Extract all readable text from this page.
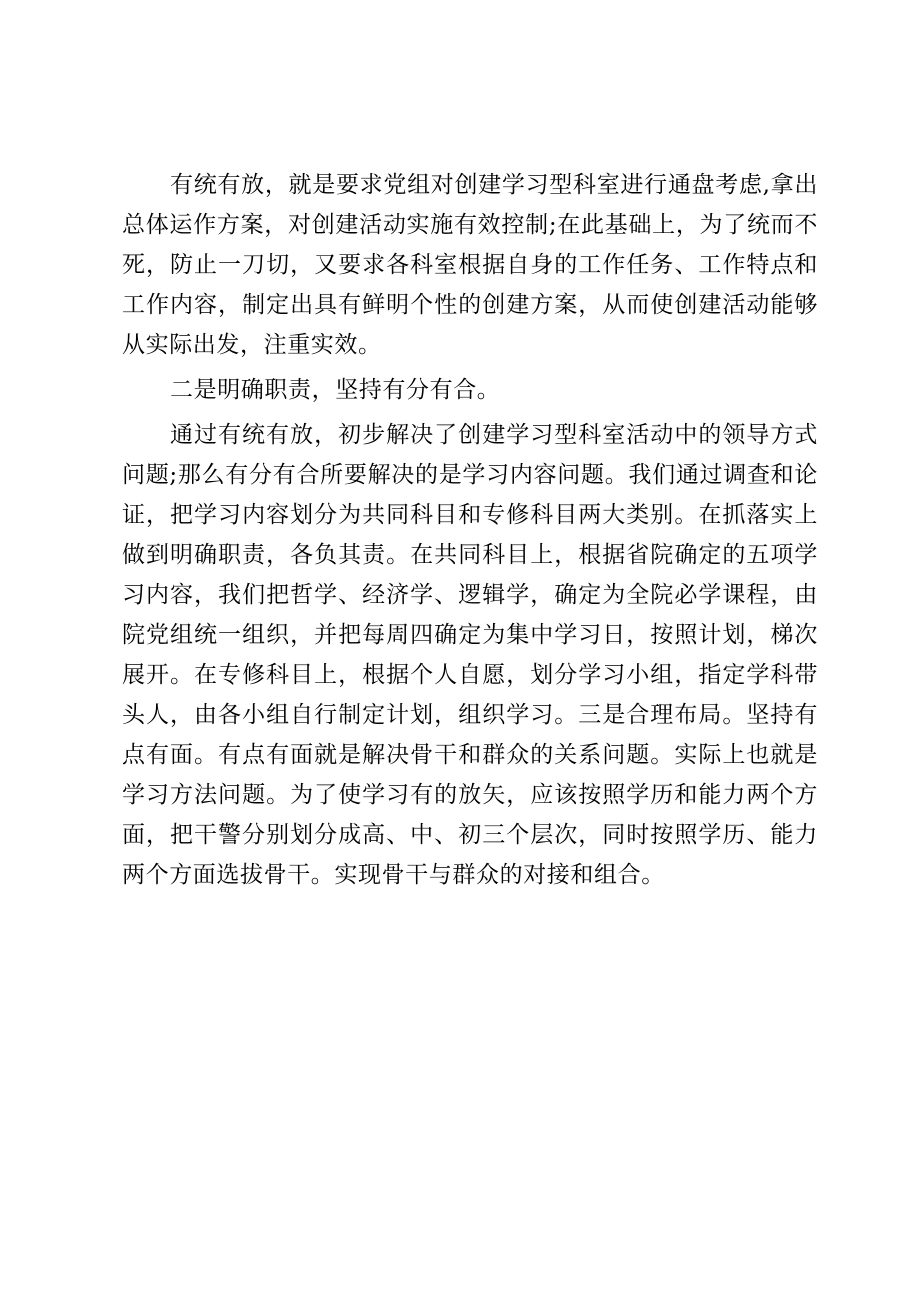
有统有放，就是要求党组对创建学习型科室进行通盘考虑,拿出总体运作方案，对创建活动实施有效控制;在此基础上，为了统而不死，防止一刀切，又要求各科室根据自身的工作任务、工作特点和工作内容，制定出具有鲜明个性的创建方案，从而使创建活动能够从实际出发，注重实效。

二是明确职责，坚持有分有合。

通过有统有放，初步解决了创建学习型科室活动中的领导方式问题;那么有分有合所要解决的是学习内容问题。我们通过调查和论证，把学习内容划分为共同科目和专修科目两大类别。在抓落实上做到明确职责，各负其责。在共同科目上，根据省院确定的五项学习内容，我们把哲学、经济学、逻辑学，确定为全院必学课程，由院党组统一组织，并把每周四确定为集中学习日，按照计划，梯次展开。在专修科目上，根据个人自愿，划分学习小组，指定学科带头人，由各小组自行制定计划，组织学习。三是合理布局。坚持有点有面。有点有面就是解决骨干和群众的关系问题。实际上也就是学习方法问题。为了使学习有的放矢，应该按照学历和能力两个方面，把干警分别划分成高、中、初三个层次，同时按照学历、能力两个方面选拔骨干。实现骨干与群众的对接和组合。
